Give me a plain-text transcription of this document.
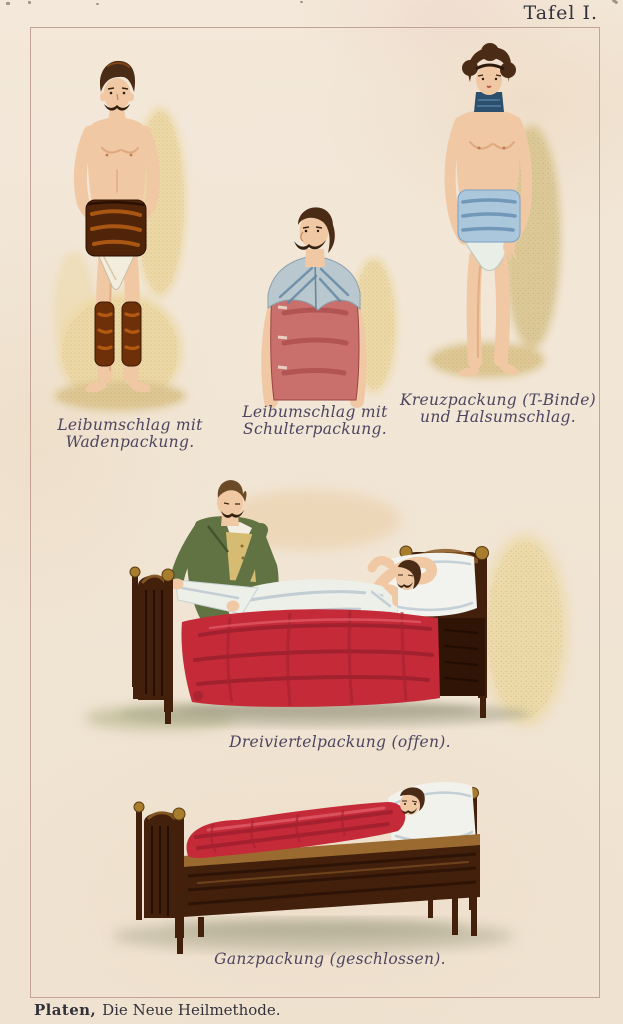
Tafel I.
Leibumschlag mit
Wadenpackung.
Leibumschlag mit
Schulterpackung.
Kreuzpackung (T-Binde)
und Halsumschlag.
Dreiviertelpackung (offen).
Ganzpackung (geschlossen).
Platen, Die Neue Heilmethode.
